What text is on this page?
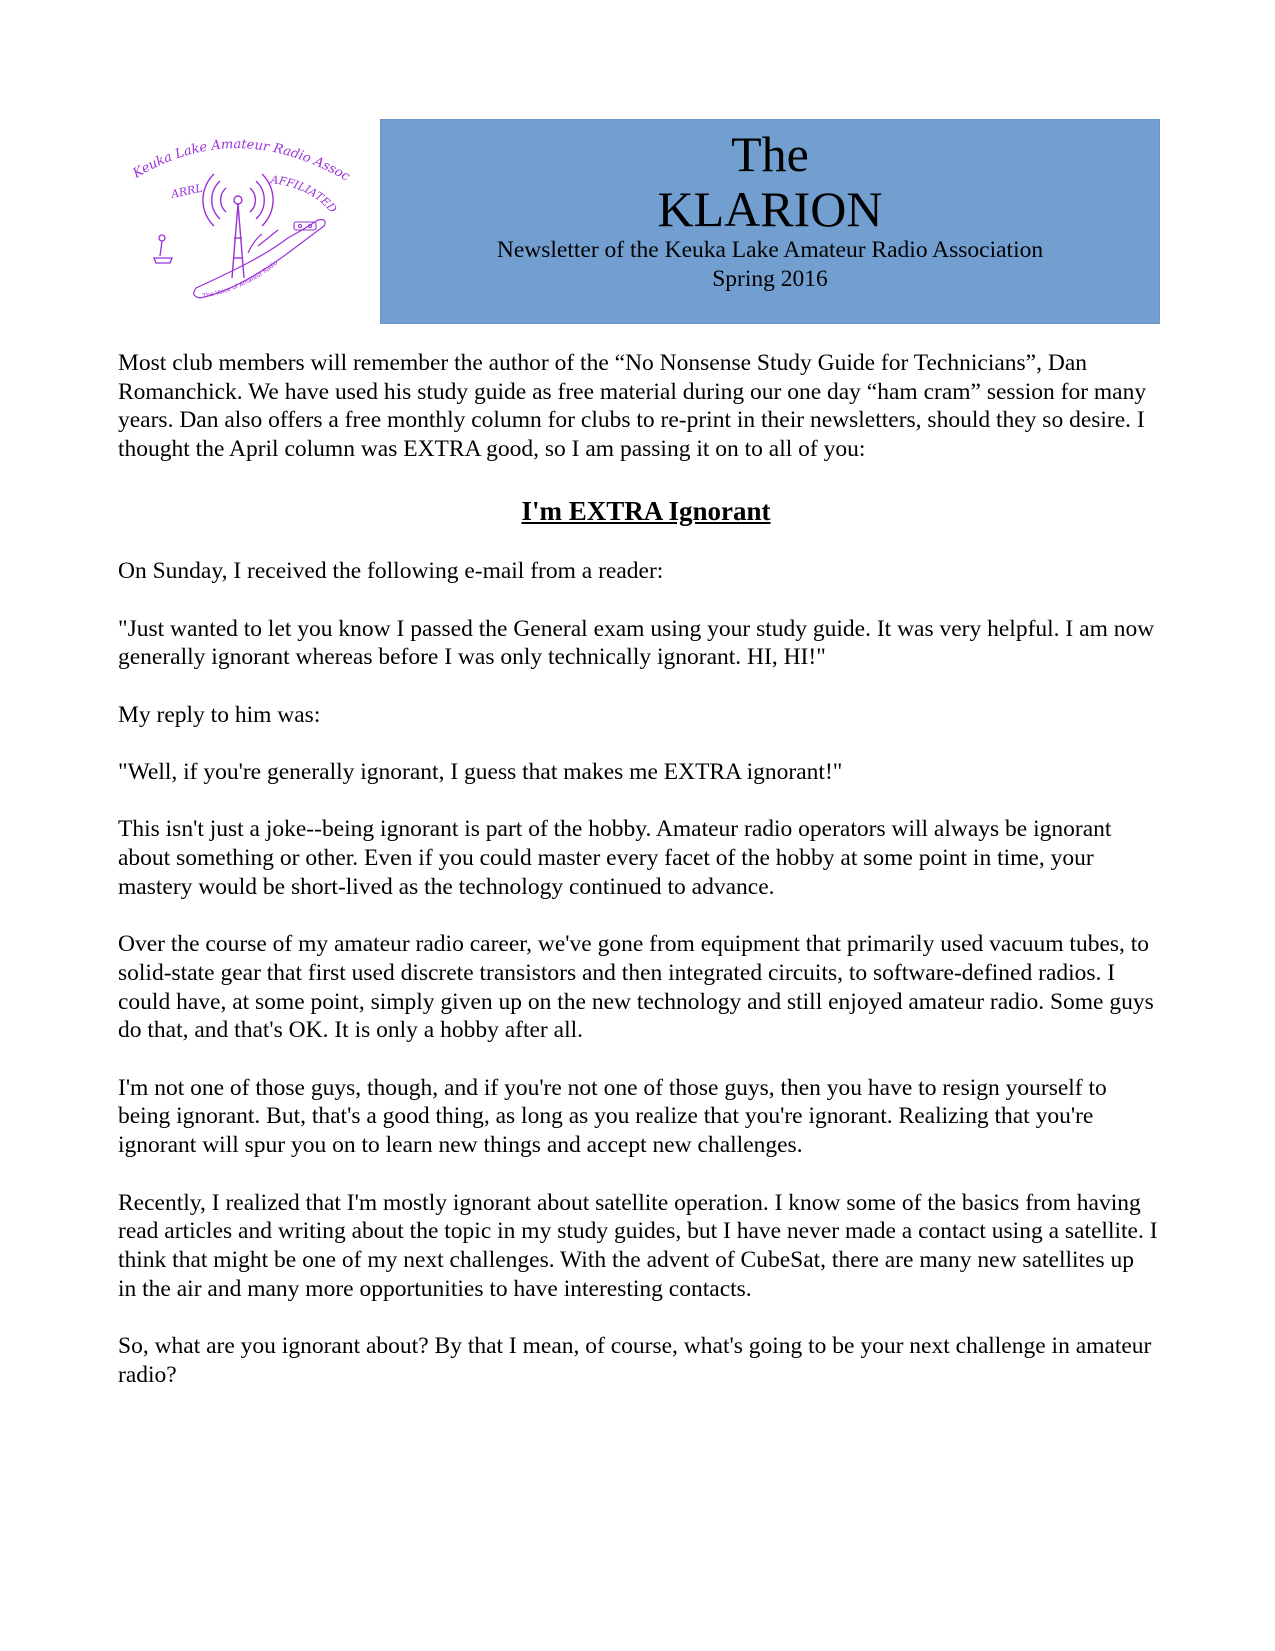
Keuka Lake Amateur Radio Assoc
ARRL
AFFILIATED
The Voice of Amateur Radio
The
KLARION
Newsletter of the Keuka Lake Amateur Radio Association
Spring 2016

Most club members will remember the author of the “No Nonsense Study Guide for Technicians”, Dan Romanchick. We have used his study guide as free material during our one day “ham cram” session for many years. Dan also offers a free monthly column for clubs to re-print in their newsletters, should they so desire. I thought the April column was EXTRA good, so I am passing it on to all of you:

I'm EXTRA Ignorant

On Sunday, I received the following e-mail from a reader:

"Just wanted to let you know I passed the General exam using your study guide. It was very helpful. I am now generally ignorant whereas before I was only technically ignorant. HI, HI!"

My reply to him was:

"Well, if you're generally ignorant, I guess that makes me EXTRA ignorant!"

This isn't just a joke--being ignorant is part of the hobby. Amateur radio operators will always be ignorant about something or other. Even if you could master every facet of the hobby at some point in time, your mastery would be short-lived as the technology continued to advance.

Over the course of my amateur radio career, we've gone from equipment that primarily used vacuum tubes, to solid-state gear that first used discrete transistors and then integrated circuits, to software-defined radios. I could have, at some point, simply given up on the new technology and still enjoyed amateur radio. Some guys do that, and that's OK. It is only a hobby after all.

I'm not one of those guys, though, and if you're not one of those guys, then you have to resign yourself to being ignorant. But, that's a good thing, as long as you realize that you're ignorant. Realizing that you're ignorant will spur you on to learn new things and accept new challenges.

Recently, I realized that I'm mostly ignorant about satellite operation. I know some of the basics from having read articles and writing about the topic in my study guides, but I have never made a contact using a satellite. I think that might be one of my next challenges. With the advent of CubeSat, there are many new satellites up in the air and many more opportunities to have interesting contacts.

So, what are you ignorant about? By that I mean, of course, what's going to be your next challenge in amateur radio?
